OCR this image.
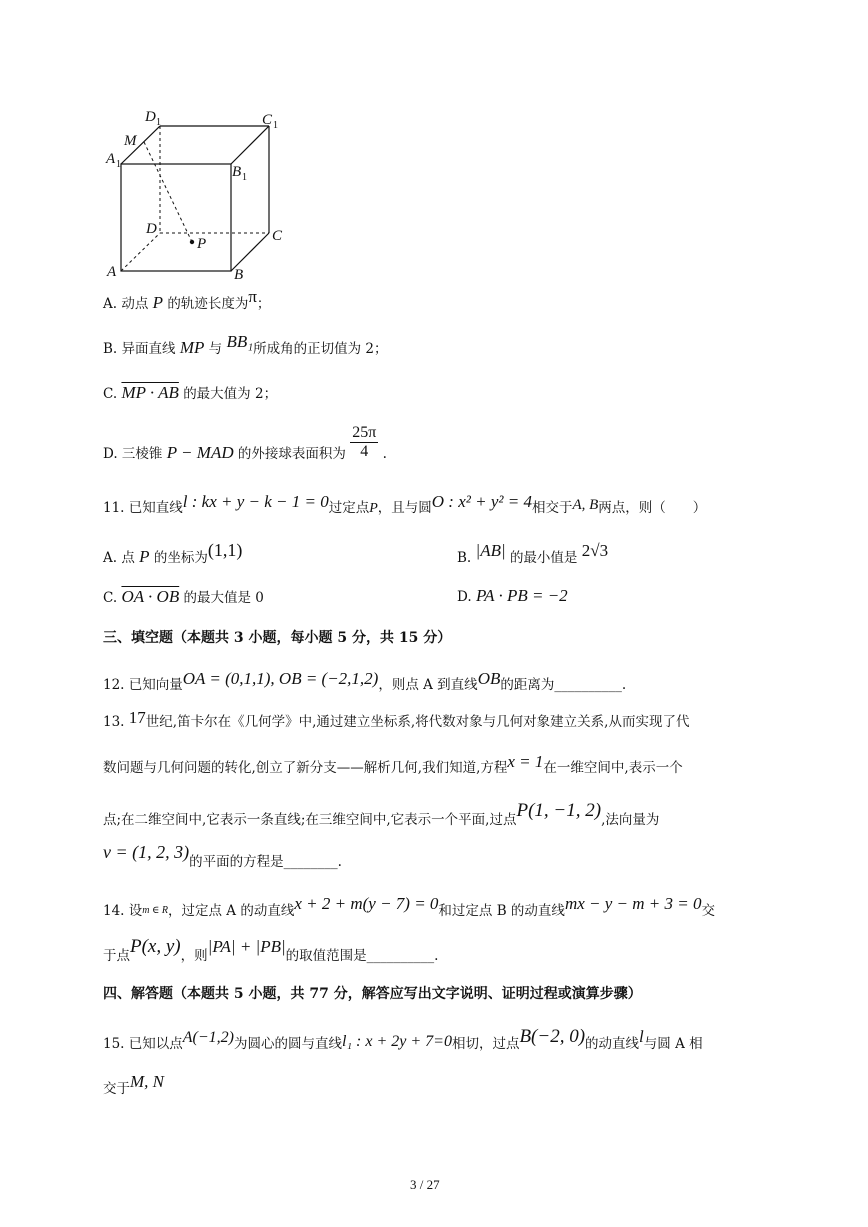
D 1	C 1
M
A 1	B 1
D
P	C
A	B
A. 动点 P 的轨迹长度为π；
B. 异面直线 MP 与 BB₁所成角的正切值为 2；
C. MP · AB 的最大值为 2；
D. 三棱锥 P − MAD 的外接球表面积为 $\frac{25\pi}{4}$ .
11. 已知直线l : kx + y − k − 1 = 0过定点P，且与圆O : x² + y² = 4相交于A, B两点，则（　　）
A. 点 P 的坐标为(1,1)	B. |AB| 的最小值是 2√3
C. OA · OB 的最大值是 0	D. PA · PB = −2
三、填空题（本题共 3 小题，每小题 5 分，共 15 分）
12. 已知向量OA = (0,1,1), OB = (−2,1,2)，则点 A 到直线OB的距离为__________.
13. 17世纪,笛卡尔在《几何学》中,通过建立坐标系,将代数对象与几何对象建立关系,从而实现了代
数问题与几何问题的转化,创立了新分支——解析几何,我们知道,方程x = 1在一维空间中,表示一个
点;在二维空间中,它表示一条直线;在三维空间中,它表示一个平面,过点P(1, −1, 2),法向量为
v = (1, 2, 3)的平面的方程是________.
14. 设$_{m \in R}$，过定点 A 的动直线x + 2 + m(y − 7) = 0和过定点 B 的动直线mx − y − m + 3 = 0交
于点P(x, y)，则|PA| + |PB|的取值范围是__________.
四、解答题（本题共 5 小题，共 77 分，解答应写出文字说明、证明过程或演算步骤）
15. 已知以点A(−1,2)为圆心的圆与直线l₁ : x + 2y + 7=0相切，过点B(−2, 0)的动直线l与圆 A 相
交于M, N
3 / 27
